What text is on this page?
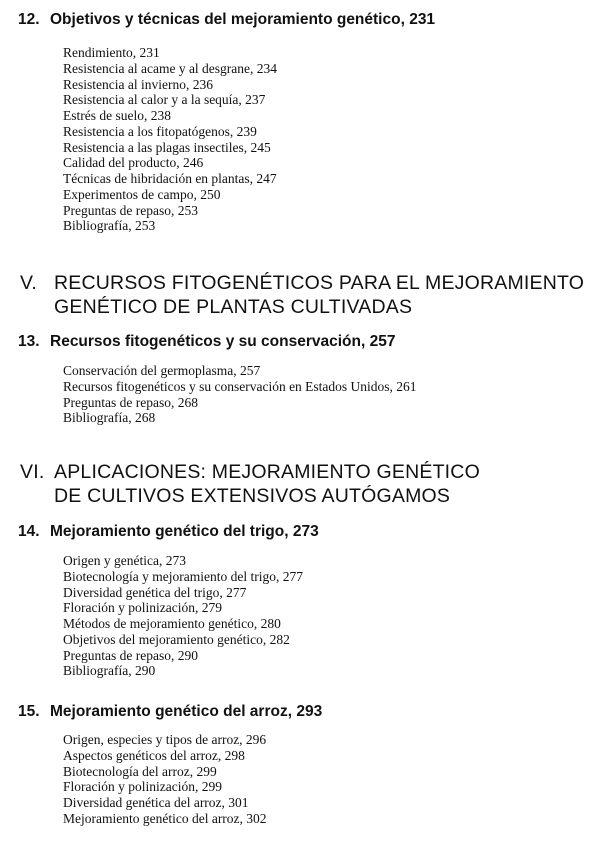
12. Objetivos y técnicas del mejoramiento genético, 231
Rendimiento, 231
Resistencia al acame y al desgrane, 234
Resistencia al invierno, 236
Resistencia al calor y a la sequía, 237
Estrés de suelo, 238
Resistencia a los fitopatógenos, 239
Resistencia a las plagas insectiles, 245
Calidad del producto, 246
Técnicas de hibridación en plantas, 247
Experimentos de campo, 250
Preguntas de repaso, 253
Bibliografía, 253
V. RECURSOS FITOGENÉTICOS PARA EL MEJORAMIENTO
GENÉTICO DE PLANTAS CULTIVADAS
13. Recursos fitogenéticos y su conservación, 257
Conservación del germoplasma, 257
Recursos fitogenéticos y su conservación en Estados Unidos, 261
Preguntas de repaso, 268
Bibliografía, 268
VI. APLICACIONES: MEJORAMIENTO GENÉTICO
DE CULTIVOS EXTENSIVOS AUTÓGAMOS
14. Mejoramiento genético del trigo, 273
Origen y genética, 273
Biotecnología y mejoramiento del trigo, 277
Diversidad genética del trigo, 277
Floración y polinización, 279
Métodos de mejoramiento genético, 280
Objetivos del mejoramiento genético, 282
Preguntas de repaso, 290
Bibliografía, 290
15. Mejoramiento genético del arroz, 293
Origen, especies y tipos de arroz, 296
Aspectos genéticos del arroz, 298
Biotecnología del arroz, 299
Floración y polinización, 299
Diversidad genética del arroz, 301
Mejoramiento genético del arroz, 302
